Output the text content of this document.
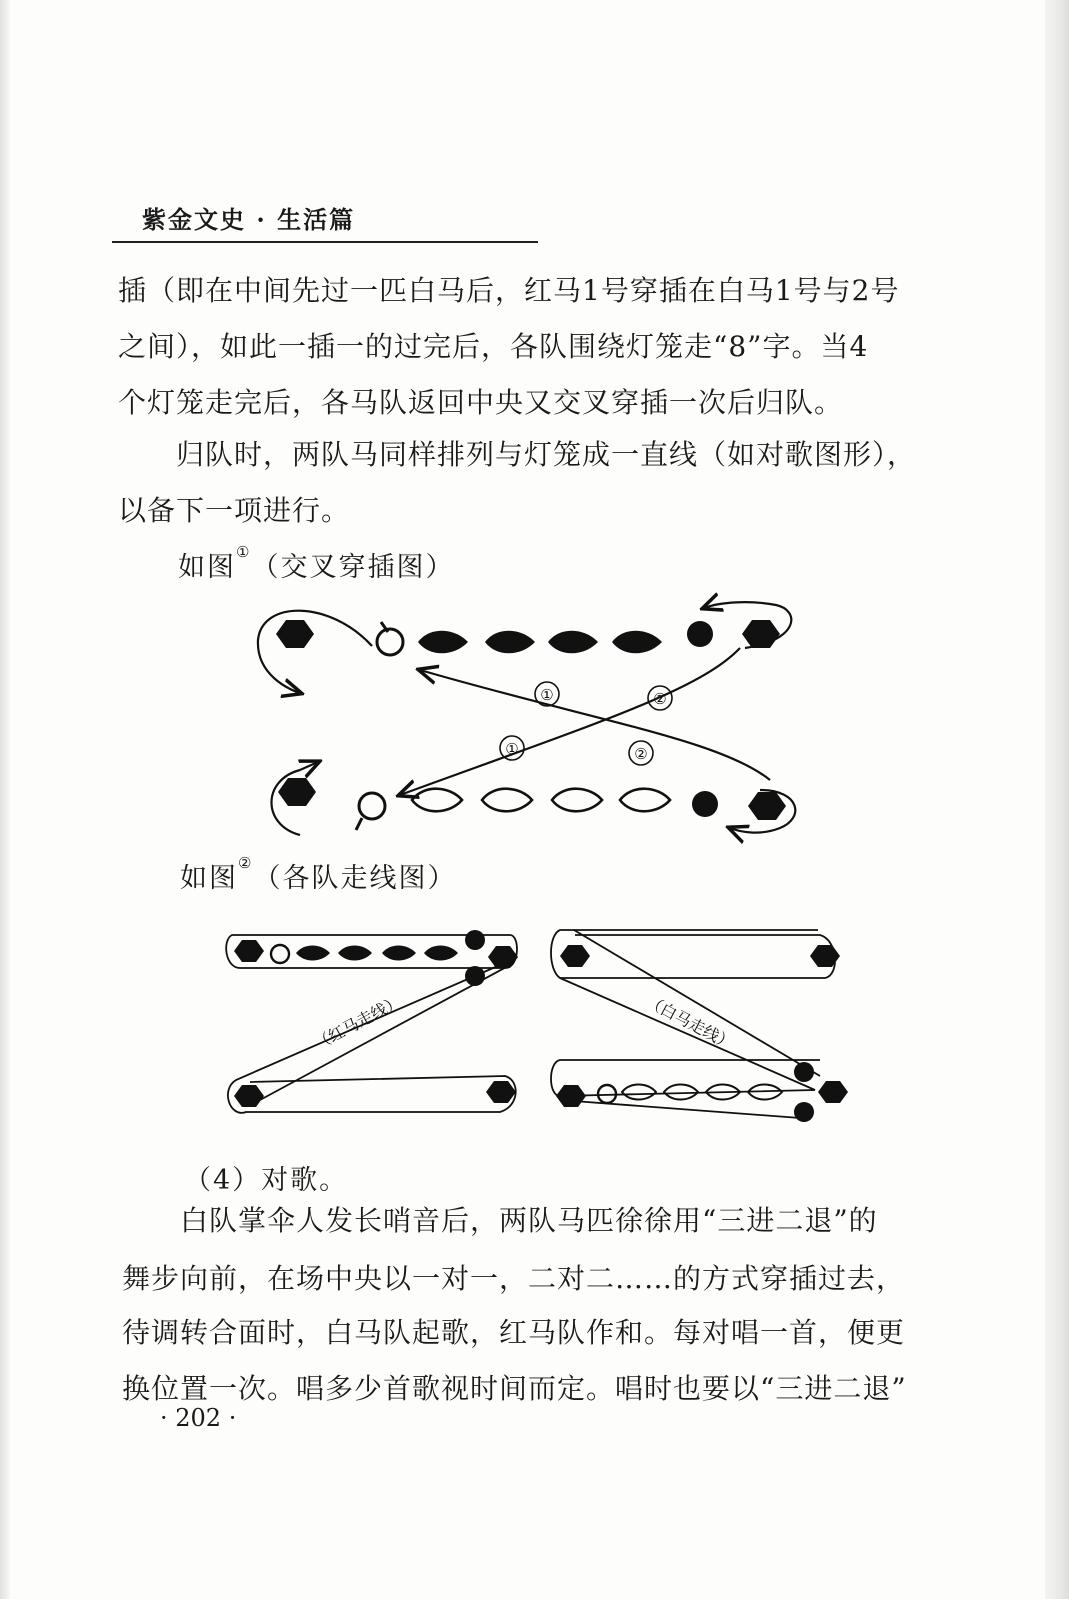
紫金文史 · 生活篇

插（即在中间先过一匹白马后，红马1号穿插在白马1号与2号

之间），如此一插一的过完后，各队围绕灯笼走“8”字。当4

个灯笼走完后，各马队返回中央又交叉穿插一次后归队。

　　归队时，两队马同样排列与灯笼成一直线（如对歌图形），

以备下一项进行。

如图①（交叉穿插图）
①	②
①	②
如图②（各队走线图）
（红马走线）	（白马走线）
（4）对歌。

　　白队掌伞人发长哨音后，两队马匹徐徐用“三进二退”的

舞步向前，在场中央以一对一，二对二……的方式穿插过去，

待调转合面时，白马队起歌，红马队作和。每对唱一首，便更

换位置一次。唱多少首歌视时间而定。唱时也要以“三进二退”

· 202 ·
